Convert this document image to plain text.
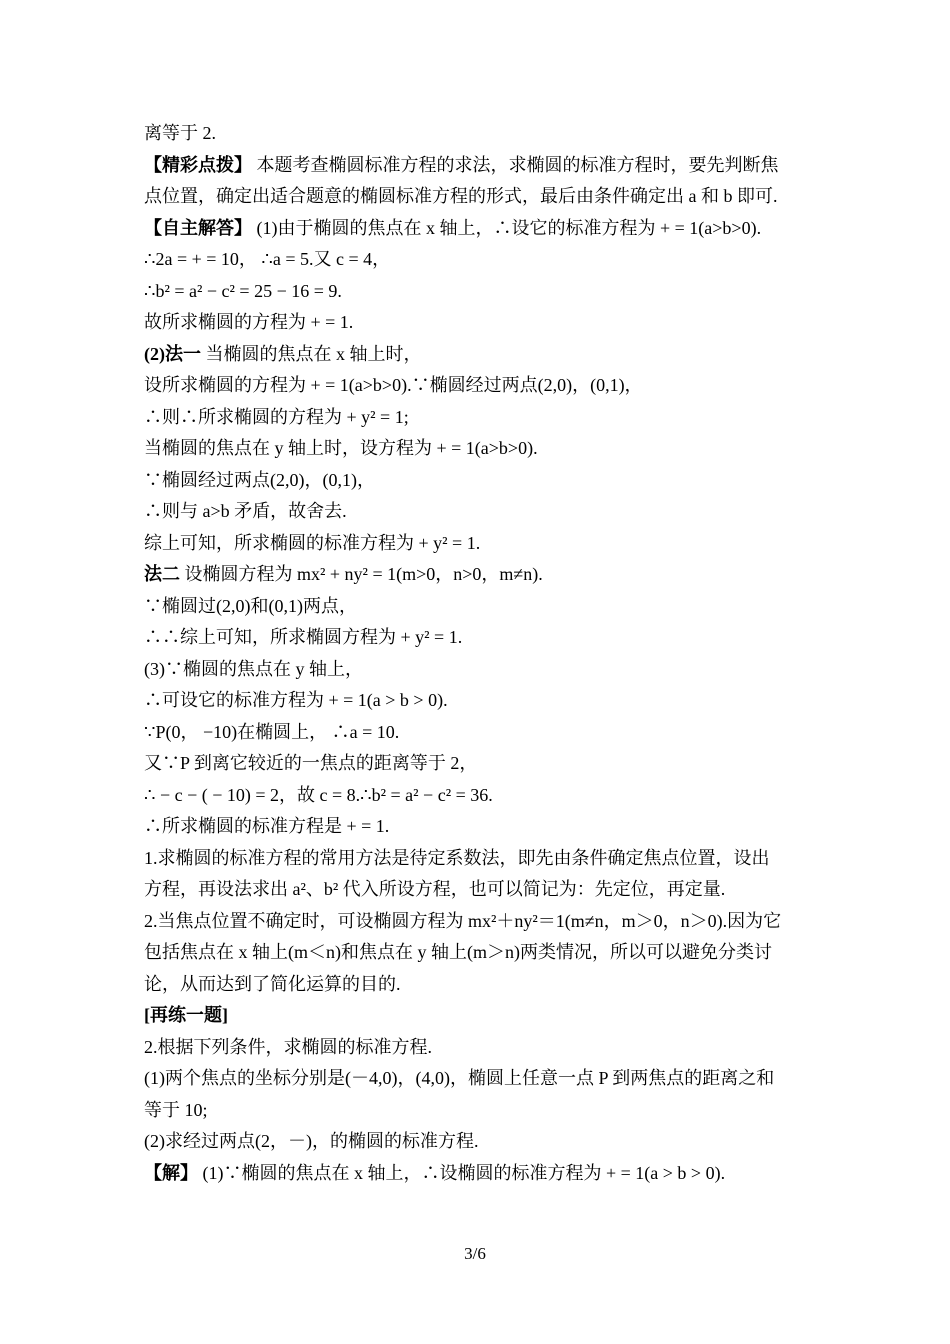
离等于 2.
【精彩点拨】 本题考查椭圆标准方程的求法，求椭圆的标准方程时，要先判断焦
点位置，确定出适合题意的椭圆标准方程的形式，最后由条件确定出 a 和 b 即可.
【自主解答】 (1)由于椭圆的焦点在 x 轴上，∴设它的标准方程为 + = 1(a>b>0).
∴2a = + = 10， ∴a = 5.又 c = 4，
∴b² = a² − c² = 25 − 16 = 9.
故所求椭圆的方程为 + = 1.
(2)法一 当椭圆的焦点在 x 轴上时，
设所求椭圆的方程为 + = 1(a>b>0).∵椭圆经过两点(2,0)，(0,1)，
∴则∴所求椭圆的方程为 + y² = 1;
当椭圆的焦点在 y 轴上时，设方程为 + = 1(a>b>0).
∵椭圆经过两点(2,0)，(0,1)，
∴则与 a>b 矛盾，故舍去.
综上可知，所求椭圆的标准方程为 + y² = 1.
法二 设椭圆方程为 mx² + ny² = 1(m>0，n>0，m≠n).
∵椭圆过(2,0)和(0,1)两点，
∴∴综上可知，所求椭圆方程为 + y² = 1.
(3)∵椭圆的焦点在 y 轴上，
∴可设它的标准方程为 + = 1(a > b > 0).
∵P(0， −10)在椭圆上， ∴a = 10.
又∵P 到离它较近的一焦点的距离等于 2，
∴ − c − ( − 10) = 2，故 c = 8.∴b² = a² − c² = 36.
∴所求椭圆的标准方程是 + = 1.
1.求椭圆的标准方程的常用方法是待定系数法，即先由条件确定焦点位置，设出
方程，再设法求出 a²、b² 代入所设方程，也可以简记为：先定位，再定量.
2.当焦点位置不确定时，可设椭圆方程为 mx²＋ny²＝1(m≠n，m＞0，n＞0).因为它
包括焦点在 x 轴上(m＜n)和焦点在 y 轴上(m＞n)两类情况，所以可以避免分类讨
论，从而达到了简化运算的目的.
[再练一题]
2.根据下列条件，求椭圆的标准方程.
(1)两个焦点的坐标分别是(－4,0)，(4,0)，椭圆上任意一点 P 到两焦点的距离之和
等于 10;
(2)求经过两点(2，－)，的椭圆的标准方程.
【解】 (1)∵椭圆的焦点在 x 轴上，∴设椭圆的标准方程为 + = 1(a > b > 0).
3/6
